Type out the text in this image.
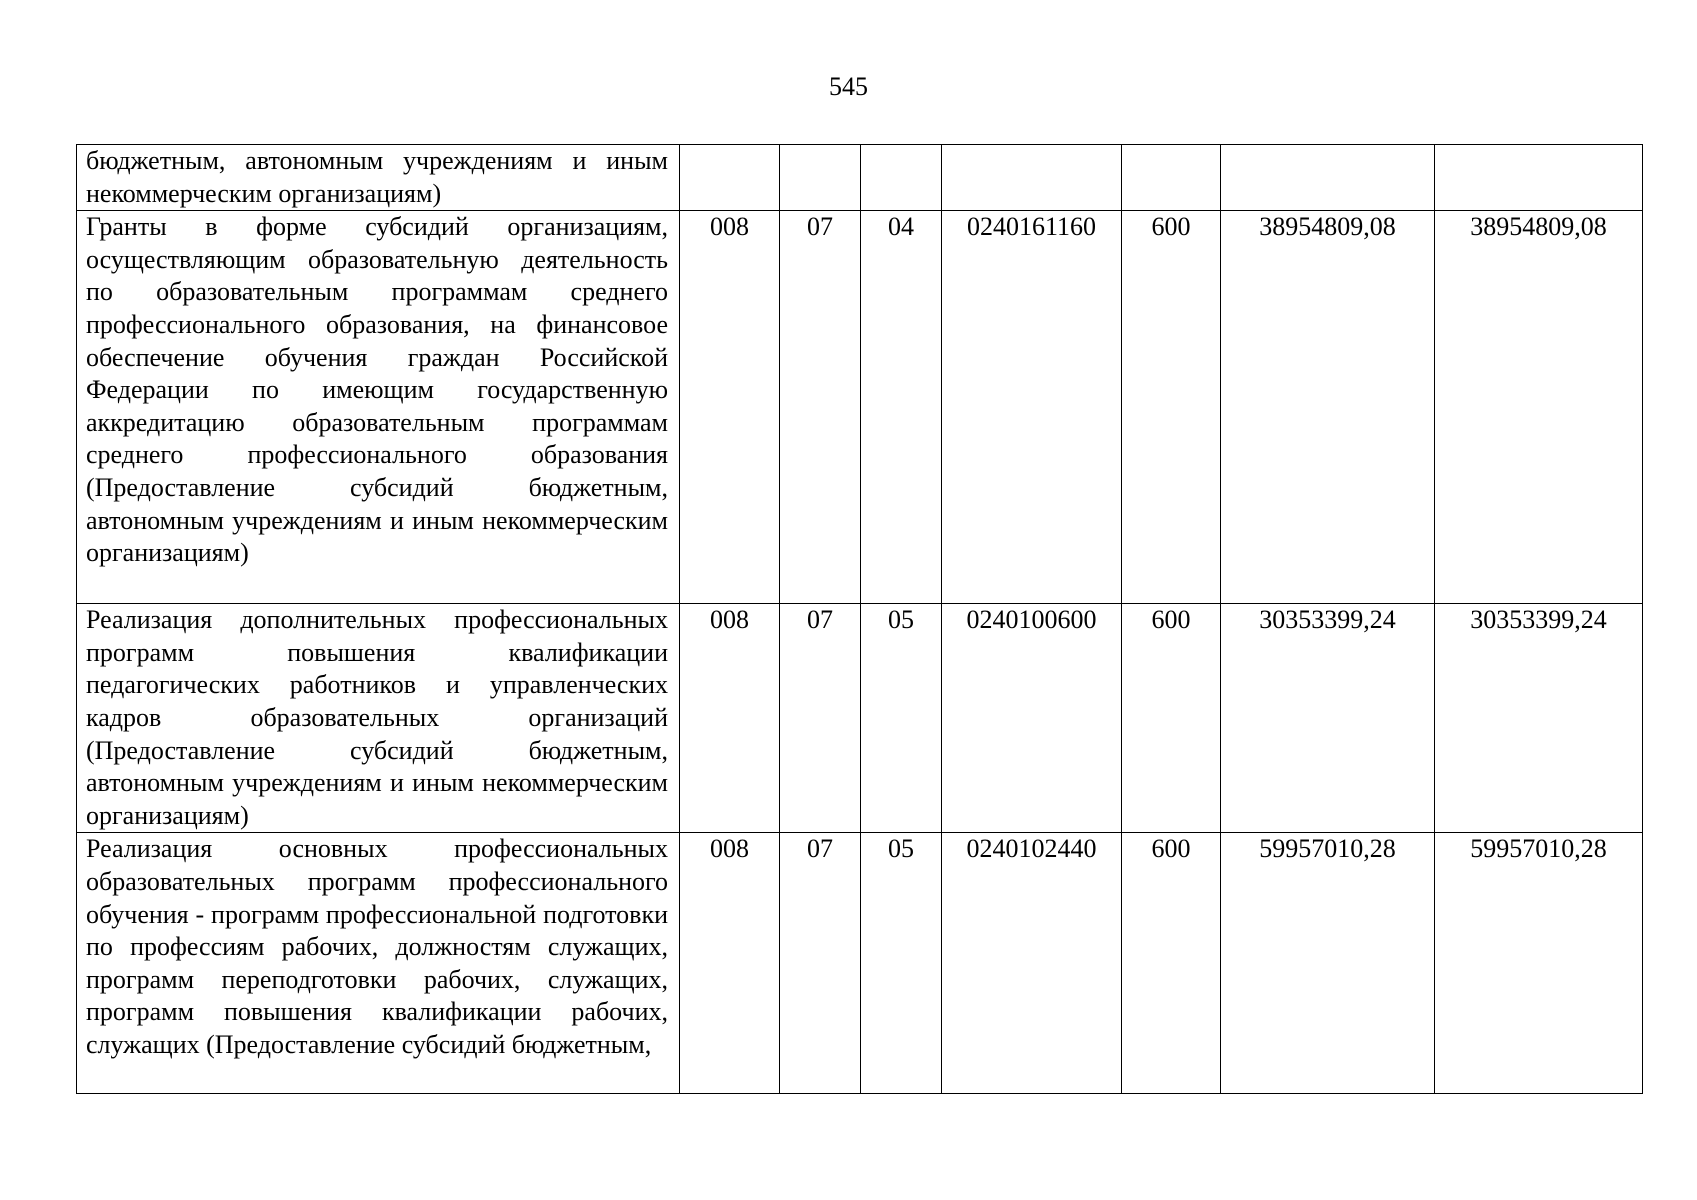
545
бюджетным, автономным учреждениям и иным некоммерческим организациям)							
Гранты в форме субсидий организациям, осуществляющим образовательную деятельность по образовательным программам среднего профессионального образования, на финансовое обеспечение обучения граждан Российской Федерации по имеющим государственную аккредитацию образовательным программам среднего профессионального образования (Предоставление субсидий бюджетным, автономным учреждениям и иным некоммерческим организациям)	008	07	04	0240161160	600	38954809,08	38954809,08
Реализация дополнительных профессиональных программ повышения квалификации педагогических работников и управленческих кадров образовательных организаций (Предоставление субсидий бюджетным, автономным учреждениям и иным некоммерческим организациям)	008	07	05	0240100600	600	30353399,24	30353399,24
Реализация основных профессиональных образовательных программ профессионального обучения - программ профессиональной подготовки по профессиям рабочих, должностям служащих, программ переподготовки рабочих, служащих, программ повышения квалификации рабочих, служащих (Предоставление субсидий бюджетным,	008	07	05	0240102440	600	59957010,28	59957010,28
